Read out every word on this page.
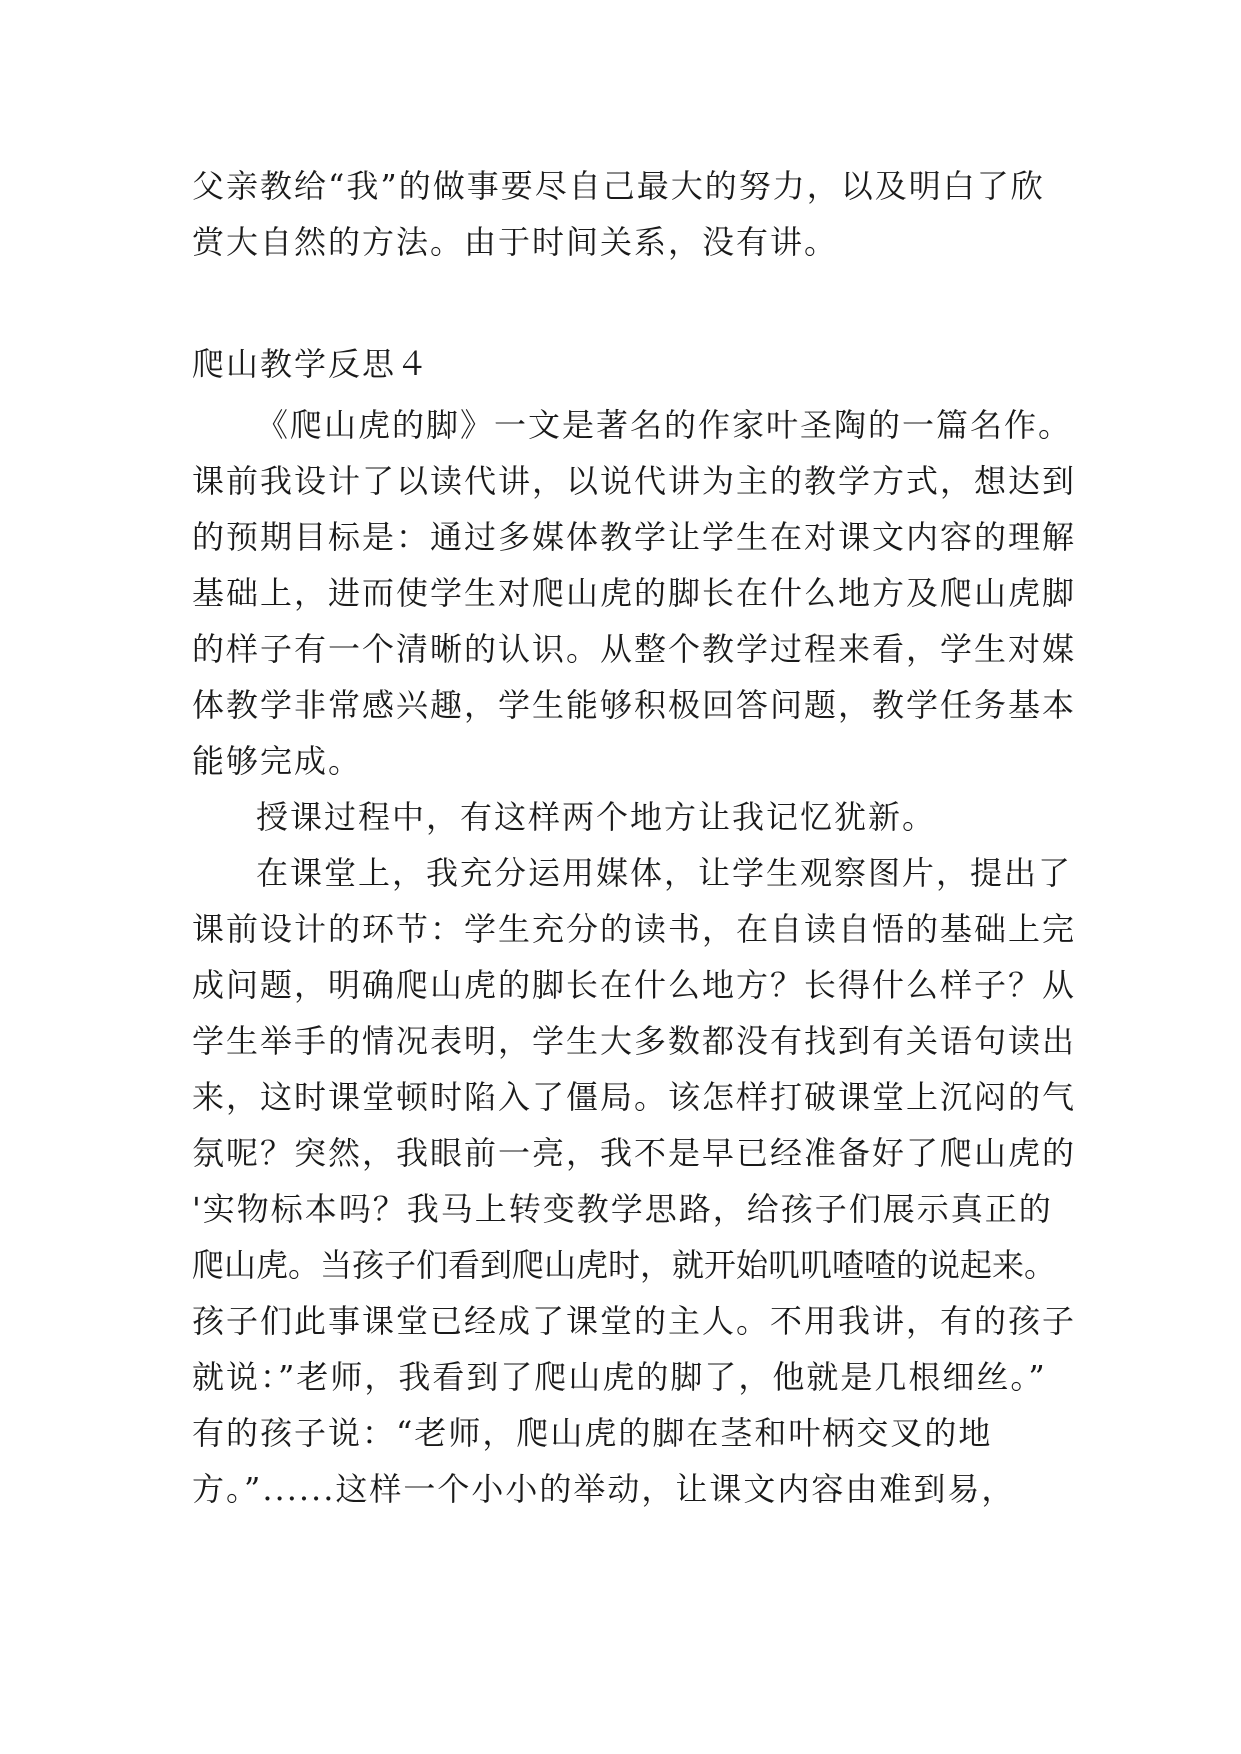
父亲教给“我”的做事要尽自己最大的努力，以及明白了欣
赏大自然的方法。由于时间关系，没有讲。
爬山教学反思４
《爬山虎的脚》一文是著名的作家叶圣陶的一篇名作。
课前我设计了以读代讲，以说代讲为主的教学方式，想达到
的预期目标是：通过多媒体教学让学生在对课文内容的理解
基础上，进而使学生对爬山虎的脚长在什么地方及爬山虎脚
的样子有一个清晰的认识。从整个教学过程来看，学生对媒
体教学非常感兴趣，学生能够积极回答问题，教学任务基本
能够完成。
授课过程中，有这样两个地方让我记忆犹新。
在课堂上，我充分运用媒体，让学生观察图片，提出了
课前设计的环节：学生充分的读书，在自读自悟的基础上完
成问题，明确爬山虎的脚长在什么地方？长得什么样子？从
学生举手的情况表明，学生大多数都没有找到有关语句读出
来，这时课堂顿时陷入了僵局。该怎样打破课堂上沉闷的气
氛呢？突然，我眼前一亮，我不是早已经准备好了爬山虎的
'实物标本吗？我马上转变教学思路，给孩子们展示真正的
爬山虎。当孩子们看到爬山虎时，就开始叽叽喳喳的说起来。
孩子们此事课堂已经成了课堂的主人。不用我讲，有的孩子
就说：”老师，我看到了爬山虎的脚了，他就是几根细丝。”
有的孩子说：“老师，爬山虎的脚在茎和叶柄交叉的地
方。”......这样一个小小的举动，让课文内容由难到易，
